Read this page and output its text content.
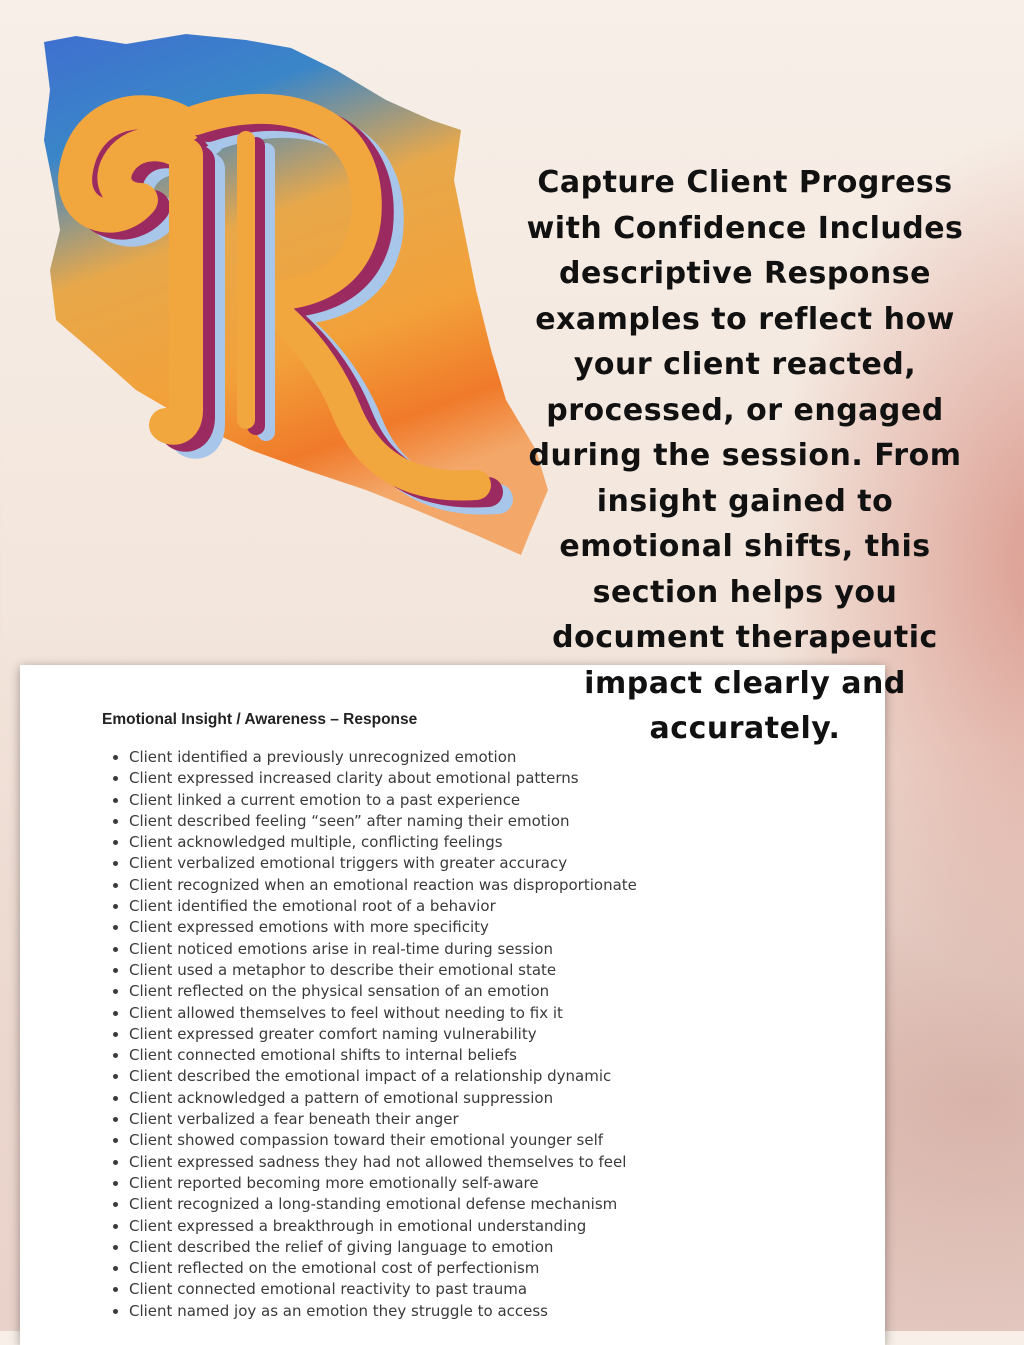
Capture Client Progress with Confidence Includes descriptive Response examples to reflect how your client reacted, processed, or engaged during the session. From insight gained to emotional shifts, this section helps you document therapeutic impact clearly and accurately.

Emotional Insight / Awareness – Response

• Client identified a previously unrecognized emotion
• Client expressed increased clarity about emotional patterns
• Client linked a current emotion to a past experience
• Client described feeling “seen” after naming their emotion
• Client acknowledged multiple, conflicting feelings
• Client verbalized emotional triggers with greater accuracy
• Client recognized when an emotional reaction was disproportionate
• Client identified the emotional root of a behavior
• Client expressed emotions with more specificity
• Client noticed emotions arise in real-time during session
• Client used a metaphor to describe their emotional state
• Client reflected on the physical sensation of an emotion
• Client allowed themselves to feel without needing to fix it
• Client expressed greater comfort naming vulnerability
• Client connected emotional shifts to internal beliefs
• Client described the emotional impact of a relationship dynamic
• Client acknowledged a pattern of emotional suppression
• Client verbalized a fear beneath their anger
• Client showed compassion toward their emotional younger self
• Client expressed sadness they had not allowed themselves to feel
• Client reported becoming more emotionally self-aware
• Client recognized a long-standing emotional defense mechanism
• Client expressed a breakthrough in emotional understanding
• Client described the relief of giving language to emotion
• Client reflected on the emotional cost of perfectionism
• Client connected emotional reactivity to past trauma
• Client named joy as an emotion they struggle to access
